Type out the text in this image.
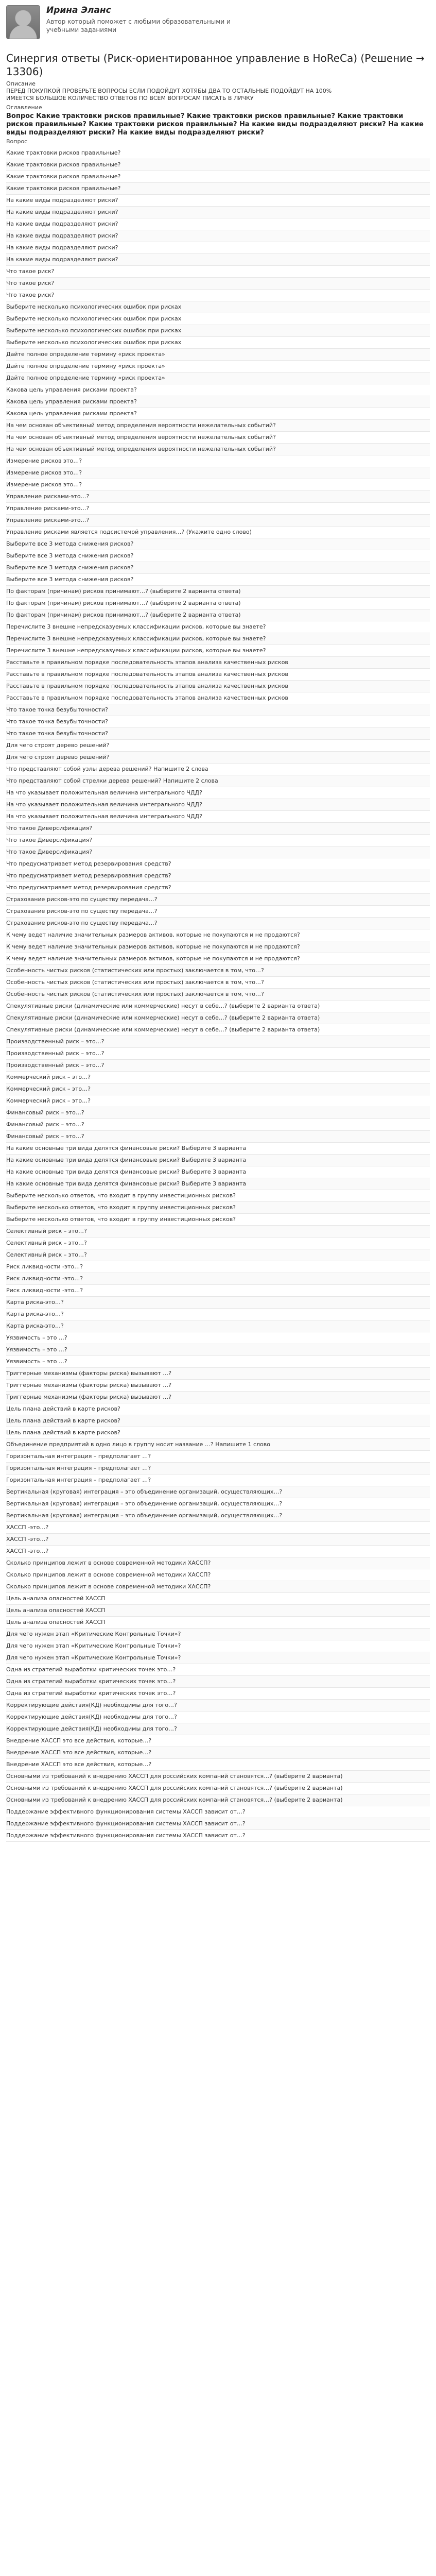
Ирина Эланс
Автор который поможет с любыми образовательными и учебными заданиями
Синергия ответы (Риск-ориентированное управление в HoReCa) (Решение → 13306)
Описание
ПЕРЕД ПОКУПКОЙ ПРОВЕРЬТЕ ВОПРОСЫ ЕСЛИ ПОДОЙДУТ ХОТЯБЫ ДВА ТО ОСТАЛЬНЫЕ ПОДОЙДУТ НА 100%
ИМЕЕТСЯ БОЛЬШОЕ КОЛИЧЕСТВО ОТВЕТОВ ПО ВСЕМ ВОПРОСАМ ПИСАТЬ В ЛИЧКУ
Оглавление
Вопрос Какие трактовки рисков правильные? Какие трактовки рисков правильные? Какие трактовки рисков правильные? Какие трактовки рисков правильные? На какие виды подразделяют риски? На какие виды подразделяют риски? На какие виды подразделяют риски?
Вопрос
Какие трактовки рисков правильные?
Какие трактовки рисков правильные?
Какие трактовки рисков правильные?
Какие трактовки рисков правильные?
На какие виды подразделяют риски?
На какие виды подразделяют риски?
На какие виды подразделяют риски?
На какие виды подразделяют риски?
На какие виды подразделяют риски?
На какие виды подразделяют риски?
Что такое риск?
Что такое риск?
Что такое риск?
Выберите несколько психологических ошибок при рисках
Выберите несколько психологических ошибок при рисках
Выберите несколько психологических ошибок при рисках
Выберите несколько психологических ошибок при рисках
Дайте полное определение термину «риск проекта»
Дайте полное определение термину «риск проекта»
Дайте полное определение термину «риск проекта»
Какова цель управления рисками проекта?
Какова цель управления рисками проекта?
Какова цель управления рисками проекта?
На чем основан объективный метод определения вероятности нежелательных событий?
На чем основан объективный метод определения вероятности нежелательных событий?
На чем основан объективный метод определения вероятности нежелательных событий?
Измерение рисков это…?
Измерение рисков это…?
Измерение рисков это…?
Управление рисками-это…?
Управление рисками-это…?
Управление рисками-это…?
Управление рисками является подсистемой управления…? (Укажите одно слово)
Выберите все 3 метода снижения рисков?
Выберите все 3 метода снижения рисков?
Выберите все 3 метода снижения рисков?
Выберите все 3 метода снижения рисков?
По факторам (причинам) рисков принимают…? (выберите 2 варианта ответа)
По факторам (причинам) рисков принимают…? (выберите 2 варианта ответа)
По факторам (причинам) рисков принимают…? (выберите 2 варианта ответа)
Перечислите 3 внешне непредсказуемых классификации рисков, которые вы знаете?
Перечислите 3 внешне непредсказуемых классификации рисков, которые вы знаете?
Перечислите 3 внешне непредсказуемых классификации рисков, которые вы знаете?
Расставьте в правильном порядке последовательность этапов анализа качественных рисков
Расставьте в правильном порядке последовательность этапов анализа качественных рисков
Расставьте в правильном порядке последовательность этапов анализа качественных рисков
Расставьте в правильном порядке последовательность этапов анализа качественных рисков
Что такое точка безубыточности?
Что такое точка безубыточности?
Что такое точка безубыточности?
Для чего строят дерево решений?
Для чего строят дерево решений?
Что представляют собой узлы дерева решений? Напишите 2 слова
Что представляют собой стрелки дерева решений? Напишите 2 слова
На что указывает положительная величина интегрального ЧДД?
На что указывает положительная величина интегрального ЧДД?
На что указывает положительная величина интегрального ЧДД?
Что такое Диверсификация?
Что такое Диверсификация?
Что такое Диверсификация?
Что предусматривает метод резервирования средств?
Что предусматривает метод резервирования средств?
Что предусматривает метод резервирования средств?
Страхование рисков-это по существу передача…?
Страхование рисков-это по существу передача…?
Страхование рисков-это по существу передача…?
К чему ведет наличие значительных размеров активов, которые не покупаются и не продаются?
К чему ведет наличие значительных размеров активов, которые не покупаются и не продаются?
К чему ведет наличие значительных размеров активов, которые не покупаются и не продаются?
Особенность чистых рисков (статистических или простых) заключается в том, что…?
Особенность чистых рисков (статистических или простых) заключается в том, что…?
Особенность чистых рисков (статистических или простых) заключается в том, что…?
Спекулятивные риски (динамические или коммерческие) несут в себе…? (выберите 2 варианта ответа)
Спекулятивные риски (динамические или коммерческие) несут в себе…? (выберите 2 варианта ответа)
Спекулятивные риски (динамические или коммерческие) несут в себе…? (выберите 2 варианта ответа)
Производственный риск – это…?
Производственный риск – это…?
Производственный риск – это…?
Коммерческий риск – это…?
Коммерческий риск – это…?
Коммерческий риск – это…?
Финансовый риск – это…?
Финансовый риск – это…?
Финансовый риск – это…?
На какие основные три вида делятся финансовые риски? Выберите 3 варианта
На какие основные три вида делятся финансовые риски? Выберите 3 варианта
На какие основные три вида делятся финансовые риски? Выберите 3 варианта
На какие основные три вида делятся финансовые риски? Выберите 3 варианта
Выберите несколько ответов, что входит в группу инвестиционных рисков?
Выберите несколько ответов, что входит в группу инвестиционных рисков?
Выберите несколько ответов, что входит в группу инвестиционных рисков?
Селективный риск – это…?
Селективный риск – это…?
Селективный риск – это…?
Риск ликвидности -это…?
Риск ликвидности -это…?
Риск ликвидности -это…?
Карта риска-это…?
Карта риска-это…?
Карта риска-это…?
Уязвимость – это …?
Уязвимость – это …?
Уязвимость – это …?
Триггерные механизмы (факторы риска) вызывают …?
Триггерные механизмы (факторы риска) вызывают …?
Триггерные механизмы (факторы риска) вызывают …?
Цель плана действий в карте рисков?
Цель плана действий в карте рисков?
Цель плана действий в карте рисков?
Объединение предприятий в одно лицо в группу носит название …? Напишите 1 слово
Горизонтальная интеграция – предполагает …?
Горизонтальная интеграция – предполагает …?
Горизонтальная интеграция – предполагает …?
Вертикальная (круговая) интеграция – это объединение организаций, осуществляющих…?
Вертикальная (круговая) интеграция – это объединение организаций, осуществляющих…?
Вертикальная (круговая) интеграция – это объединение организаций, осуществляющих…?
ХАССП -это…?
ХАССП -это…?
ХАССП -это…?
Сколько принципов лежит в основе современной методики ХАССП?
Сколько принципов лежит в основе современной методики ХАССП?
Сколько принципов лежит в основе современной методики ХАССП?
Цель анализа опасностей ХАССП
Цель анализа опасностей ХАССП
Цель анализа опасностей ХАССП
Для чего нужен этап «Критические Контрольные Точки»?
Для чего нужен этап «Критические Контрольные Точки»?
Для чего нужен этап «Критические Контрольные Точки»?
Одна из стратегий выработки критических точек это…?
Одна из стратегий выработки критических точек это…?
Одна из стратегий выработки критических точек это…?
Корректирующие действия(КД) необходимы для того…?
Корректирующие действия(КД) необходимы для того…?
Корректирующие действия(КД) необходимы для того…?
Внедрение ХАССП это все действия, которые…?
Внедрение ХАССП это все действия, которые…?
Внедрение ХАССП это все действия, которые…?
Основными из требований к внедрению ХАССП для российских компаний становятся…? (выберите 2 варианта)
Основными из требований к внедрению ХАССП для российских компаний становятся…? (выберите 2 варианта)
Основными из требований к внедрению ХАССП для российских компаний становятся…? (выберите 2 варианта)
Поддержание эффективного функционирования системы ХАССП зависит от…?
Поддержание эффективного функционирования системы ХАССП зависит от…?
Поддержание эффективного функционирования системы ХАССП зависит от…?
